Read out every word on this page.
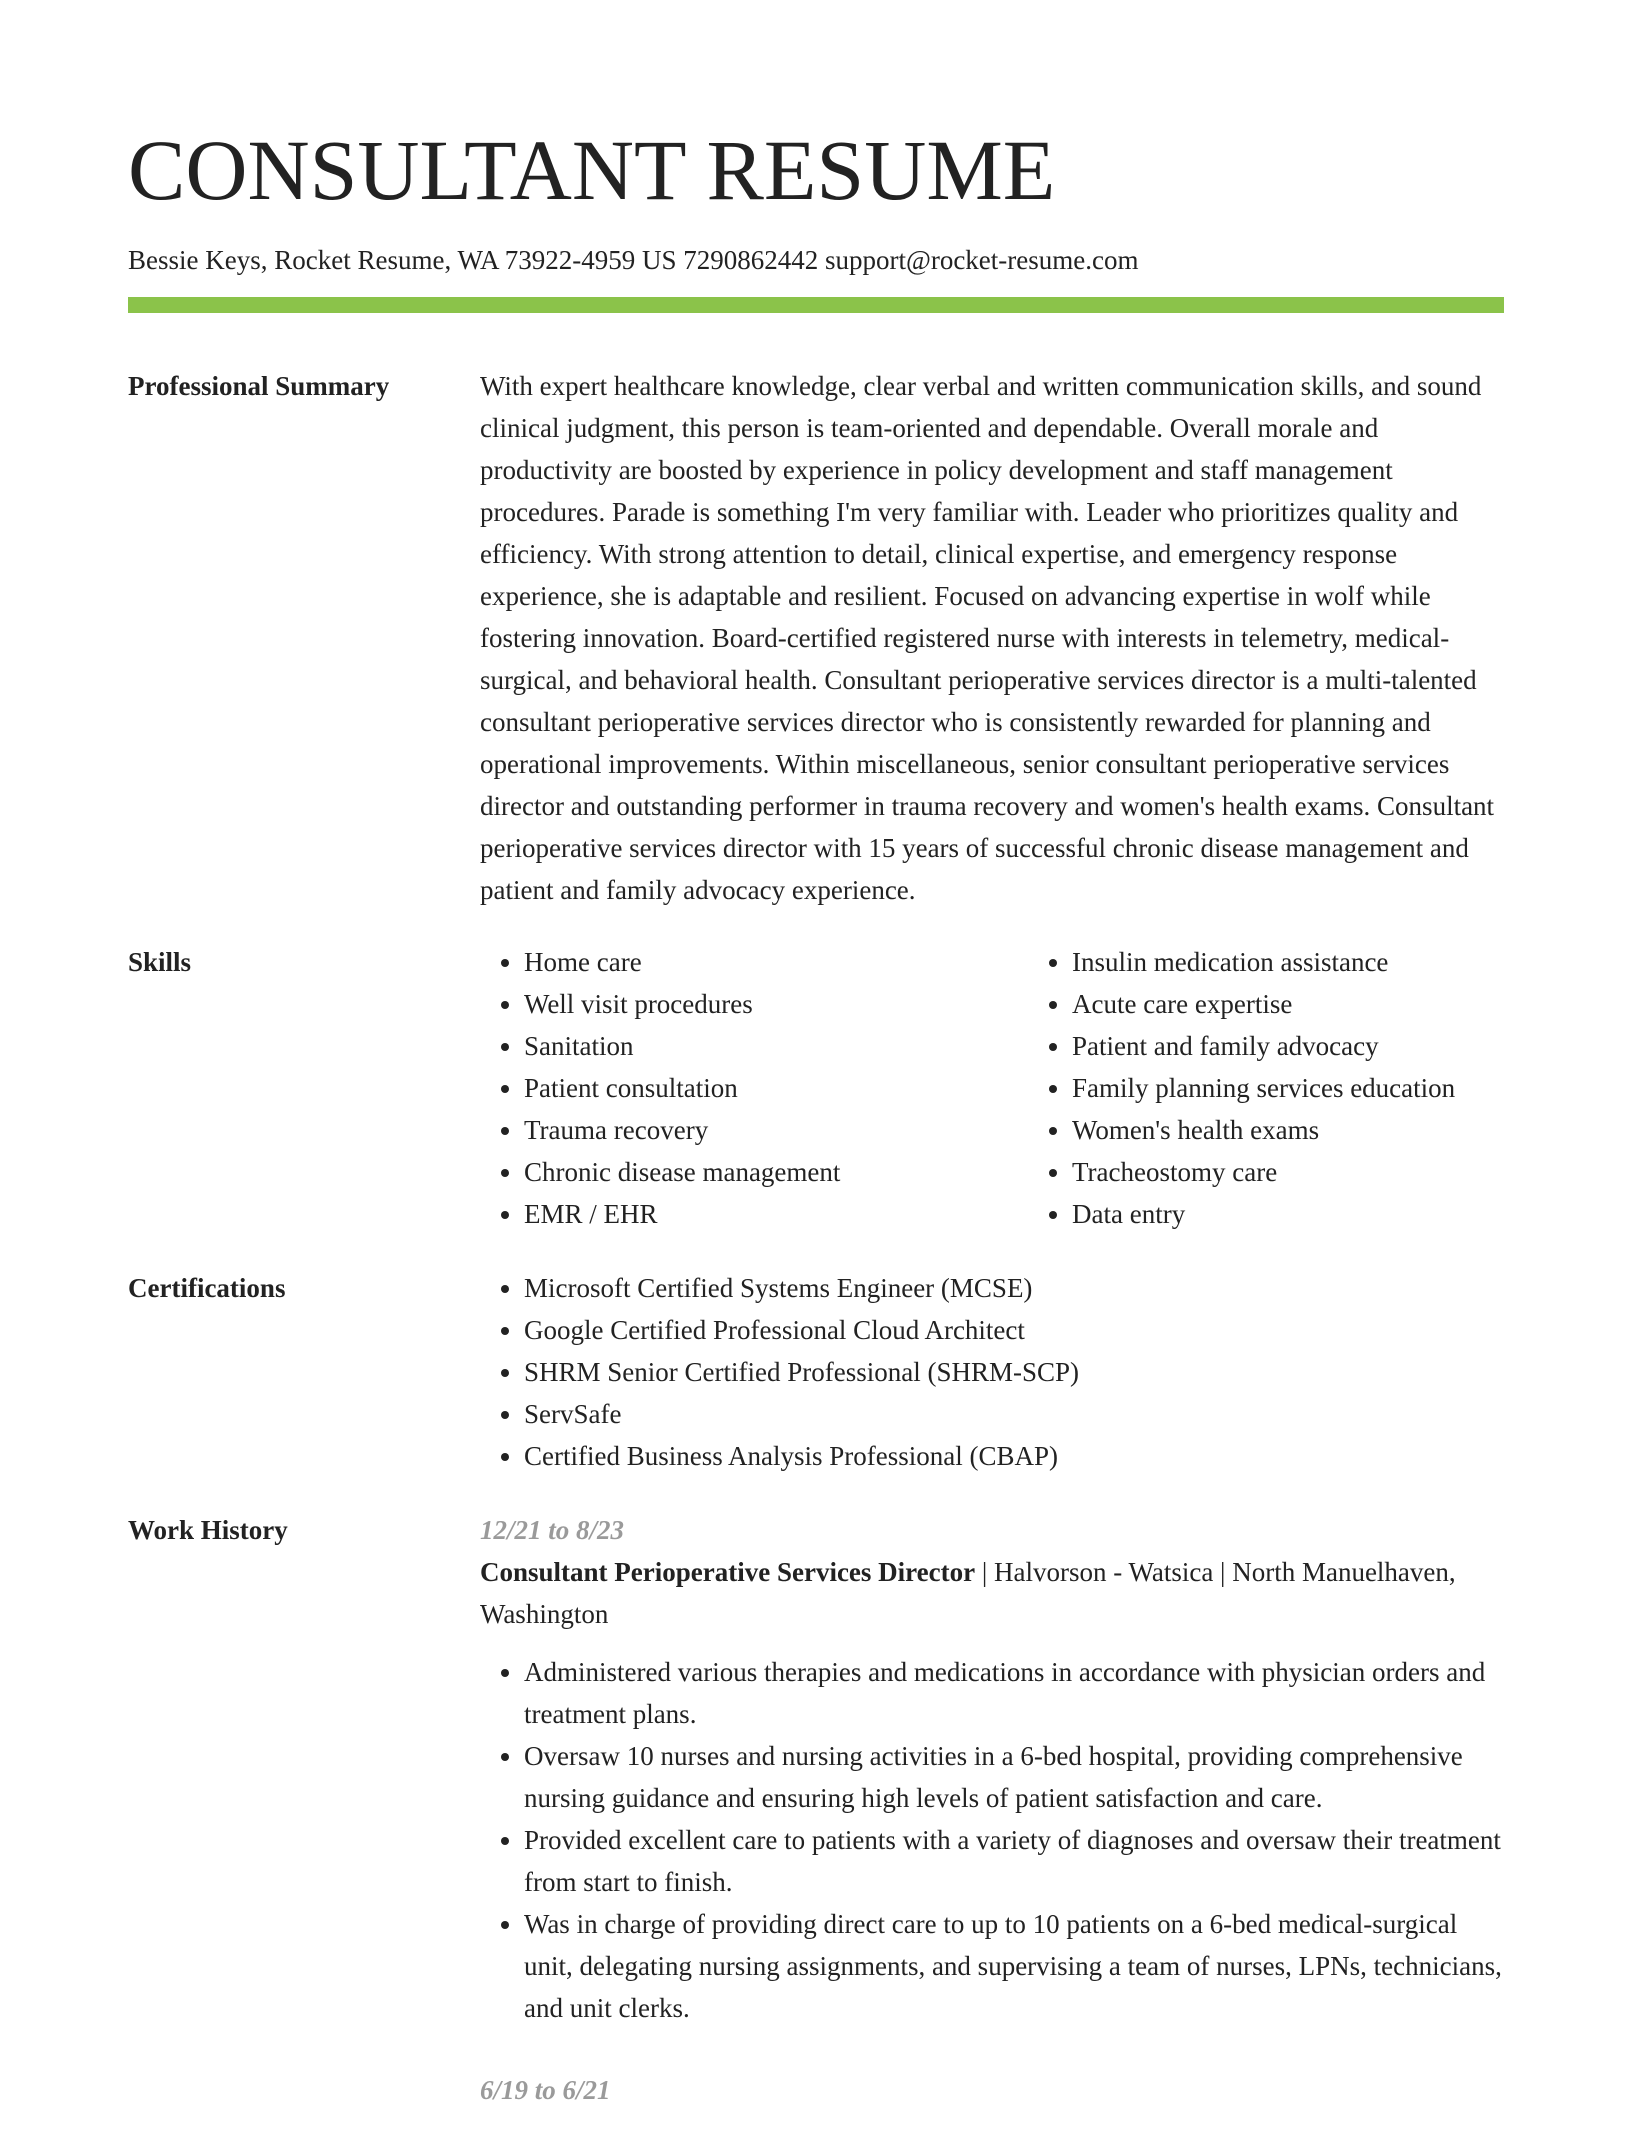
CONSULTANT RESUME
Bessie Keys, Rocket Resume, WA 73922-4959 US 7290862442 support@rocket-resume.com
Professional Summary	With expert healthcare knowledge, clear verbal and written communication skills, and sound clinical judgment, this person is team-oriented and dependable. Overall morale and productivity are boosted by experience in policy development and staff management procedures. Parade is something I'm very familiar with. Leader who prioritizes quality and efficiency. With strong attention to detail, clinical expertise, and emergency response experience, she is adaptable and resilient. Focused on advancing expertise in wolf while fostering innovation. Board-certified registered nurse with interests in telemetry, medical-surgical, and behavioral health. Consultant perioperative services director is a multi-talented consultant perioperative services director who is consistently rewarded for planning and operational improvements. Within miscellaneous, senior consultant perioperative services director and outstanding performer in trauma recovery and women's health exams. Consultant perioperative services director with 15 years of successful chronic disease management and patient and family advocacy experience.

Skills	• Home care
• Well visit procedures
• Sanitation
• Patient consultation
• Trauma recovery
• Chronic disease management
• EMR / EHR
• Insulin medication assistance
• Acute care expertise
• Patient and family advocacy
• Family planning services education
• Women's health exams
• Tracheostomy care
• Data entry
Certifications	• Microsoft Certified Systems Engineer (MCSE)
• Google Certified Professional Cloud Architect
• SHRM Senior Certified Professional (SHRM-SCP)
• ServSafe
• Certified Business Analysis Professional (CBAP)
Work History	12/21 to 8/23
Consultant Perioperative Services Director | Halvorson - Watsica | North Manuelhaven, Washington
• Administered various therapies and medications in accordance with physician orders and treatment plans.
• Oversaw 10 nurses and nursing activities in a 6-bed hospital, providing comprehensive nursing guidance and ensuring high levels of patient satisfaction and care.
• Provided excellent care to patients with a variety of diagnoses and oversaw their treatment from start to finish.
• Was in charge of providing direct care to up to 10 patients on a 6-bed medical-surgical unit, delegating nursing assignments, and supervising a team of nurses, LPNs, technicians, and unit clerks.
6/19 to 6/21
